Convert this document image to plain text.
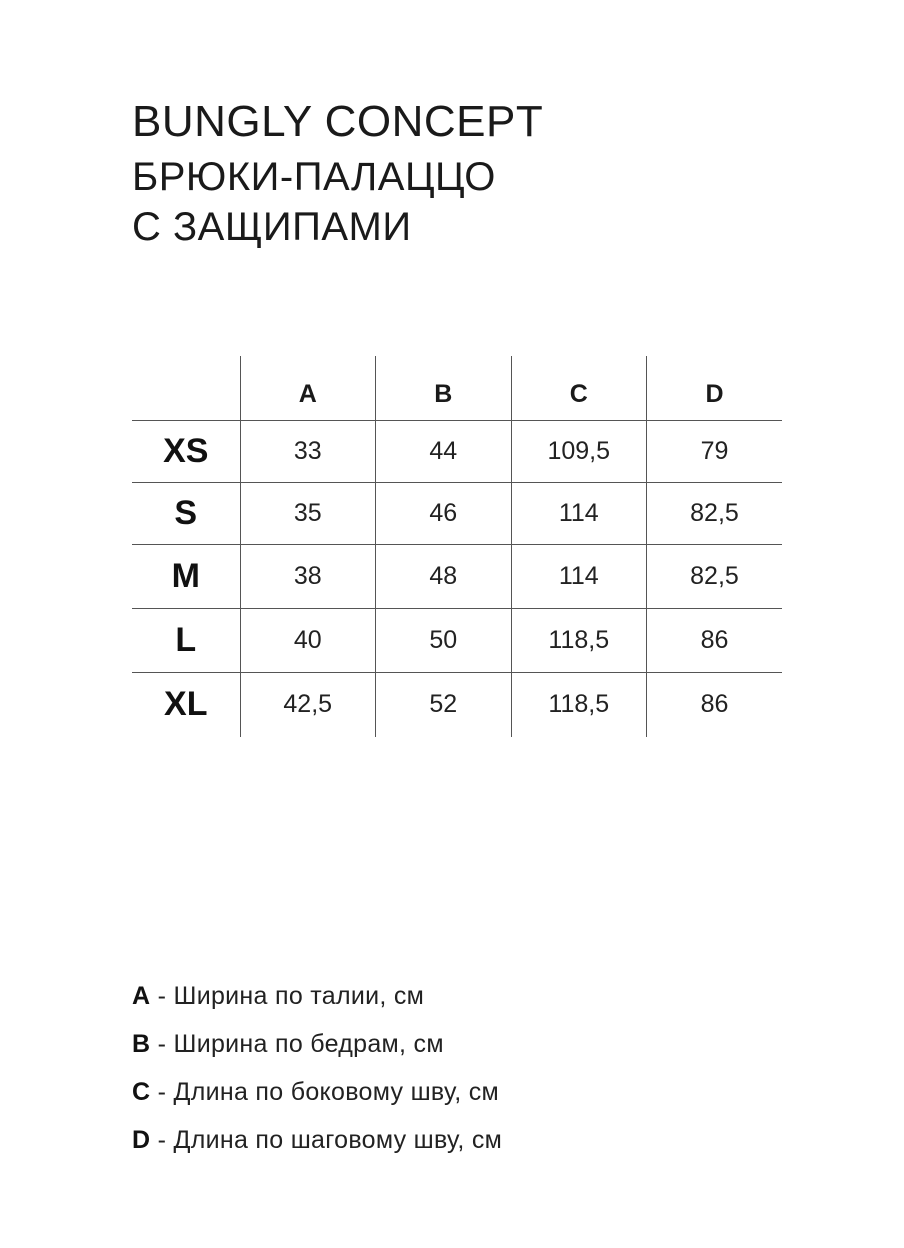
BUNGLY CONCEPT
БРЮКИ-ПАЛАЦЦО
С ЗАЩИПАМИ

	A	B	C	D

XS	33	44	109,5	79
S	35	46	114	82,5
M	38	48	114	82,5
L	40	50	118,5	86
XL	42,5	52	118,5	86
A - Ширина по талии, см
B - Ширина по бедрам, см
C - Длина по боковому шву, см
D - Длина по шаговому шву, см
